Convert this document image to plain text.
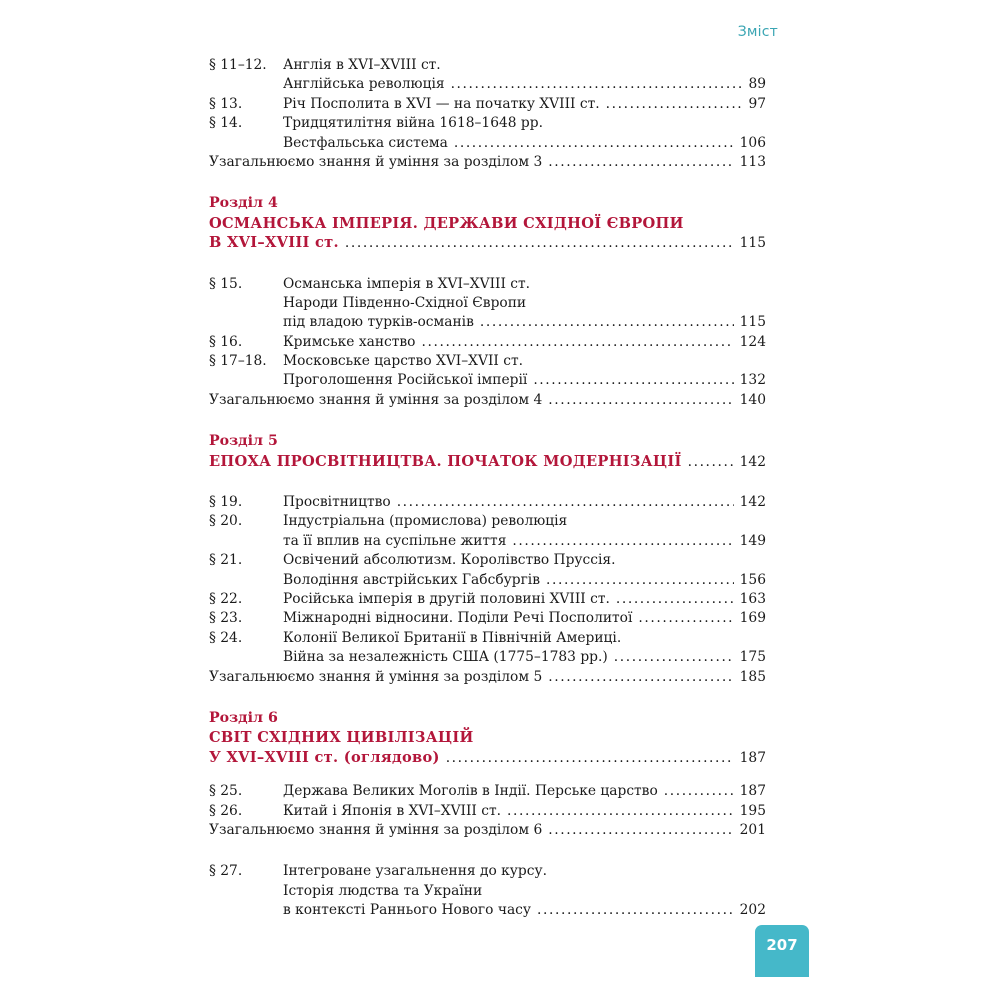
Зміст
§ 11–12.	Англія в XVI–XVIII ст.
Англійська революція .....	89
§ 13.	Річ Посполита в XVI — на початку XVIII ст. .....	97
§ 14.	Тридцятилітня війна 1618–1648 рр.
Вестфальська система .....	106
Узагальнюємо знання й уміння за розділом 3 .....	113
Розділ 4
ОСМАНСЬКА ІМПЕРІЯ. ДЕРЖАВИ СХІДНОЇ ЄВРОПИ
В XVI–XVIII ст. .....	115
§ 15.	Османська імперія в XVI–XVIII ст.
Народи Південно-Східної Європи
під владою турків-османів .....	115
§ 16.	Кримське ханство .....	124
§ 17–18.	Московське царство XVI–XVII ст.
Проголошення Російської імперії .....	132
Узагальнюємо знання й уміння за розділом 4 .....	140
Розділ 5
ЕПОХА ПРОСВІТНИЦТВА. ПОЧАТОК МОДЕРНІЗАЦІЇ .....	142
§ 19.	Просвітництво .....	142
§ 20.	Індустріальна (промислова) революція
та її вплив на суспільне життя .....	149
§ 21.	Освічений абсолютизм. Королівство Пруссія.
Володіння австрійських Габсбургів .....	156
§ 22.	Російська імперія в другій половині XVIII ст. .....	163
§ 23.	Міжнародні відносини. Поділи Речі Посполитої .....	169
§ 24.	Колонії Великої Британії в Північній Америці.
Війна за незалежність США (1775–1783 рр.) .....	175
Узагальнюємо знання й уміння за розділом 5 .....	185
Розділ 6
СВІТ СХІДНИХ ЦИВІЛІЗАЦІЙ
У XVI–XVIII ст. (оглядово) .....	187
§ 25.	Держава Великих Моголів в Індії. Перське царство .....	187
§ 26.	Китай і Японія в XVI–XVIII ст. .....	195
Узагальнюємо знання й уміння за розділом 6 .....	201
§ 27.	Інтегроване узагальнення до курсу.
Історія людства та України
в контексті Раннього Нового часу .....	202
207
